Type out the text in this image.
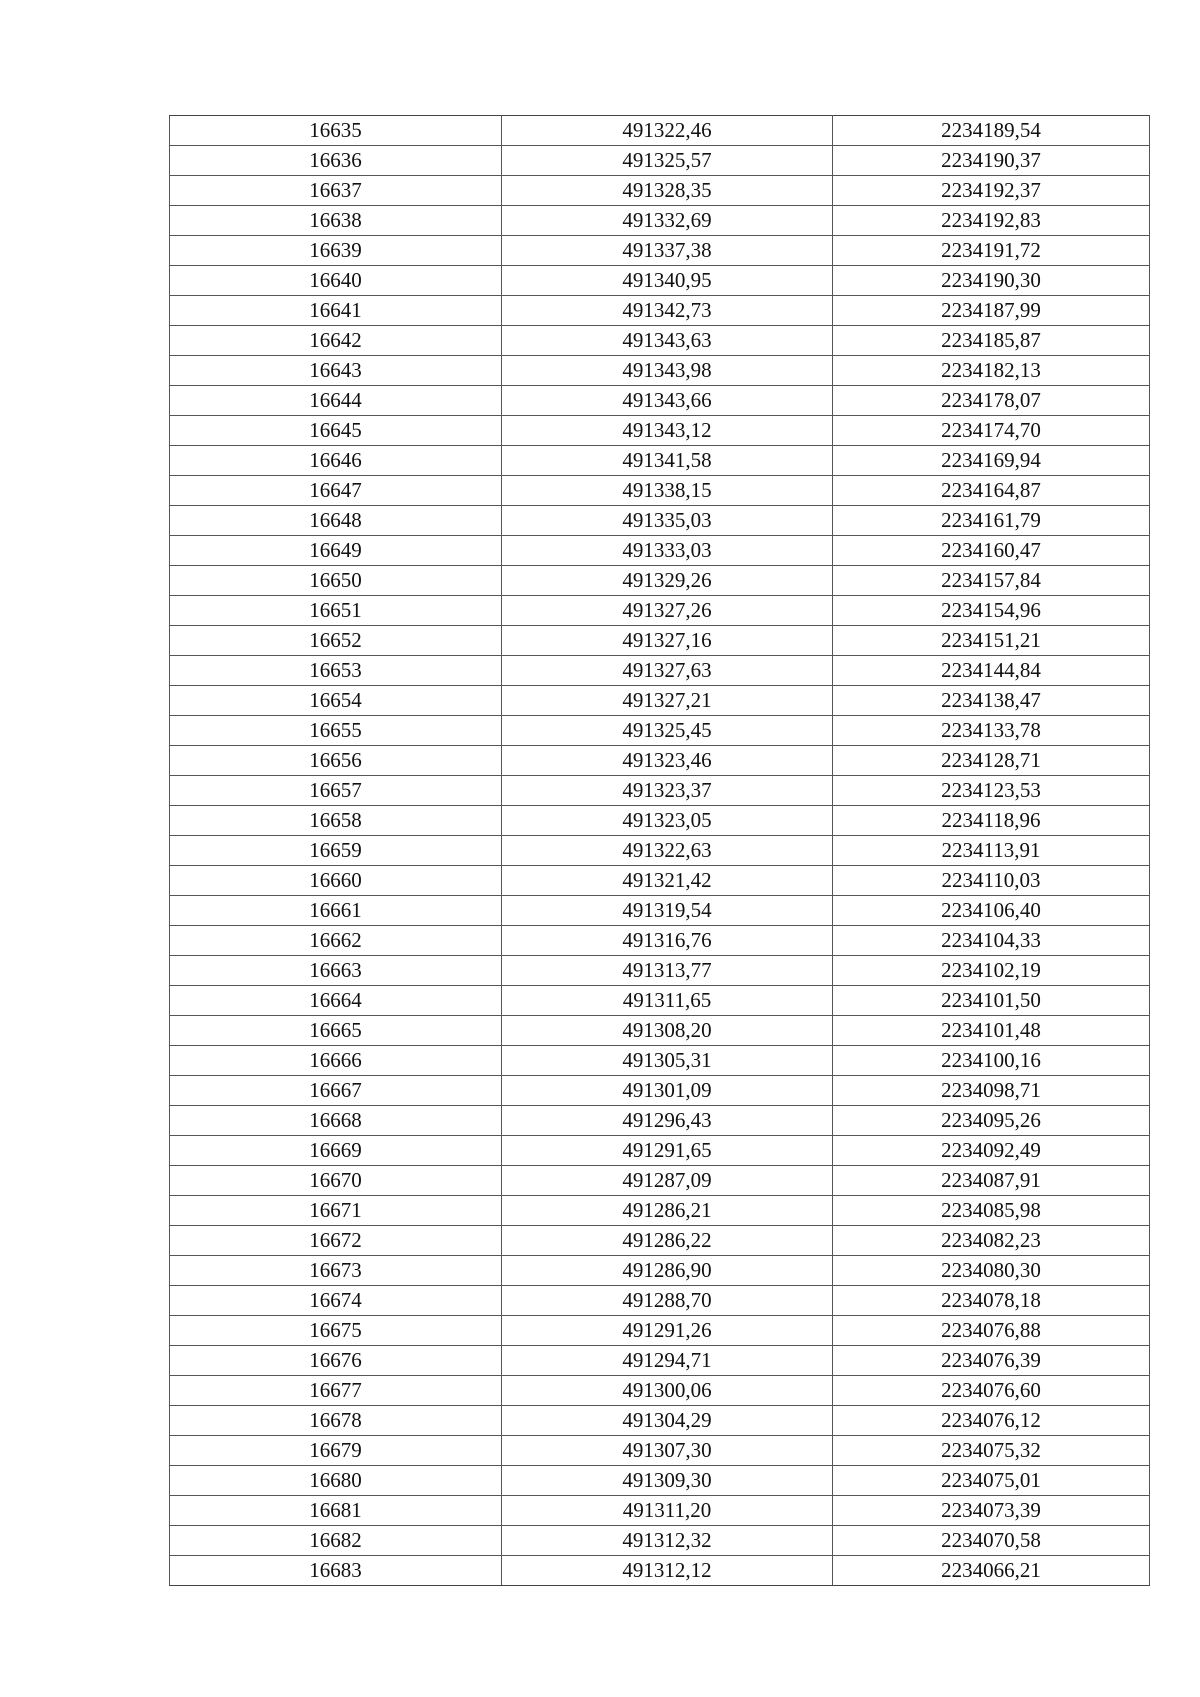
16635	491322,46	2234189,54
16636	491325,57	2234190,37
16637	491328,35	2234192,37
16638	491332,69	2234192,83
16639	491337,38	2234191,72
16640	491340,95	2234190,30
16641	491342,73	2234187,99
16642	491343,63	2234185,87
16643	491343,98	2234182,13
16644	491343,66	2234178,07
16645	491343,12	2234174,70
16646	491341,58	2234169,94
16647	491338,15	2234164,87
16648	491335,03	2234161,79
16649	491333,03	2234160,47
16650	491329,26	2234157,84
16651	491327,26	2234154,96
16652	491327,16	2234151,21
16653	491327,63	2234144,84
16654	491327,21	2234138,47
16655	491325,45	2234133,78
16656	491323,46	2234128,71
16657	491323,37	2234123,53
16658	491323,05	2234118,96
16659	491322,63	2234113,91
16660	491321,42	2234110,03
16661	491319,54	2234106,40
16662	491316,76	2234104,33
16663	491313,77	2234102,19
16664	491311,65	2234101,50
16665	491308,20	2234101,48
16666	491305,31	2234100,16
16667	491301,09	2234098,71
16668	491296,43	2234095,26
16669	491291,65	2234092,49
16670	491287,09	2234087,91
16671	491286,21	2234085,98
16672	491286,22	2234082,23
16673	491286,90	2234080,30
16674	491288,70	2234078,18
16675	491291,26	2234076,88
16676	491294,71	2234076,39
16677	491300,06	2234076,60
16678	491304,29	2234076,12
16679	491307,30	2234075,32
16680	491309,30	2234075,01
16681	491311,20	2234073,39
16682	491312,32	2234070,58
16683	491312,12	2234066,21
